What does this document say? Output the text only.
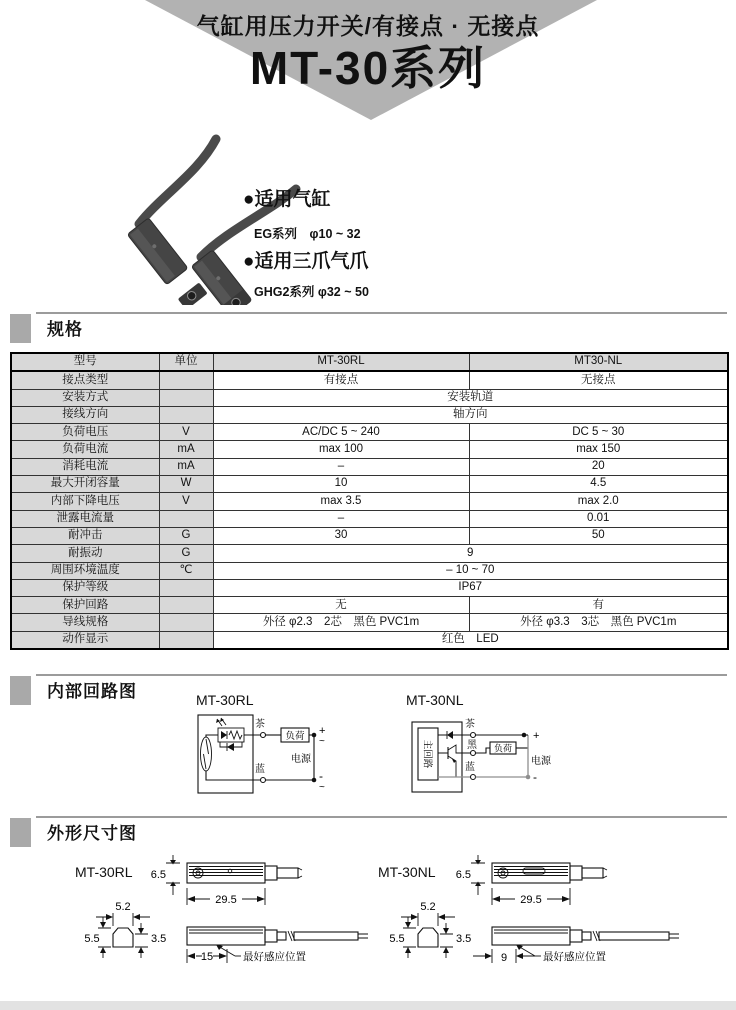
气缸用压力开关/有接点 · 无接点
MT-30系列
●适用气缸
EG系列　φ10 ~ 32
●适用三爪气爪
GHG2系列 φ32 ~ 50
规格
型号	单位	MT-30RL	MT30-NL
接点类型		有接点	无接点
安装方式		安装轨道	
接线方向		轴方向	
负荷电压	V	AC/DC 5 ~ 240	DC 5 ~ 30
负荷电流	mA	max 100	max 150
消耗电流	mA	–	20
最大开闭容量	W	10	4.5
内部下降电压	V	max 3.5	max 2.0
泄露电流量		–	0.01
耐冲击	G	30	50
耐振动	G	9	
周围环境温度	℃	– 10 ~ 70	
保护等级		IP67	
保护回路		无	有
导线规格		外径 φ2.3　2芯　黑色 PVC1m	外径 φ3.3　3芯　黑色 PVC1m
动作显示		红色　LED	
内部回路图	MT-30RL	MT-30NL
茶
蓝
负荷
电源
+
~
-
~
主回路
茶
黑
蓝
负荷
电源
+
-
外形尺寸图
MT-30RL	MT-30NL
6.5
29.5
5.2
5.5	3.5
15	最好感应位置
6.5
29.5
5.2
5.5	3.5
9	最好感应位置
